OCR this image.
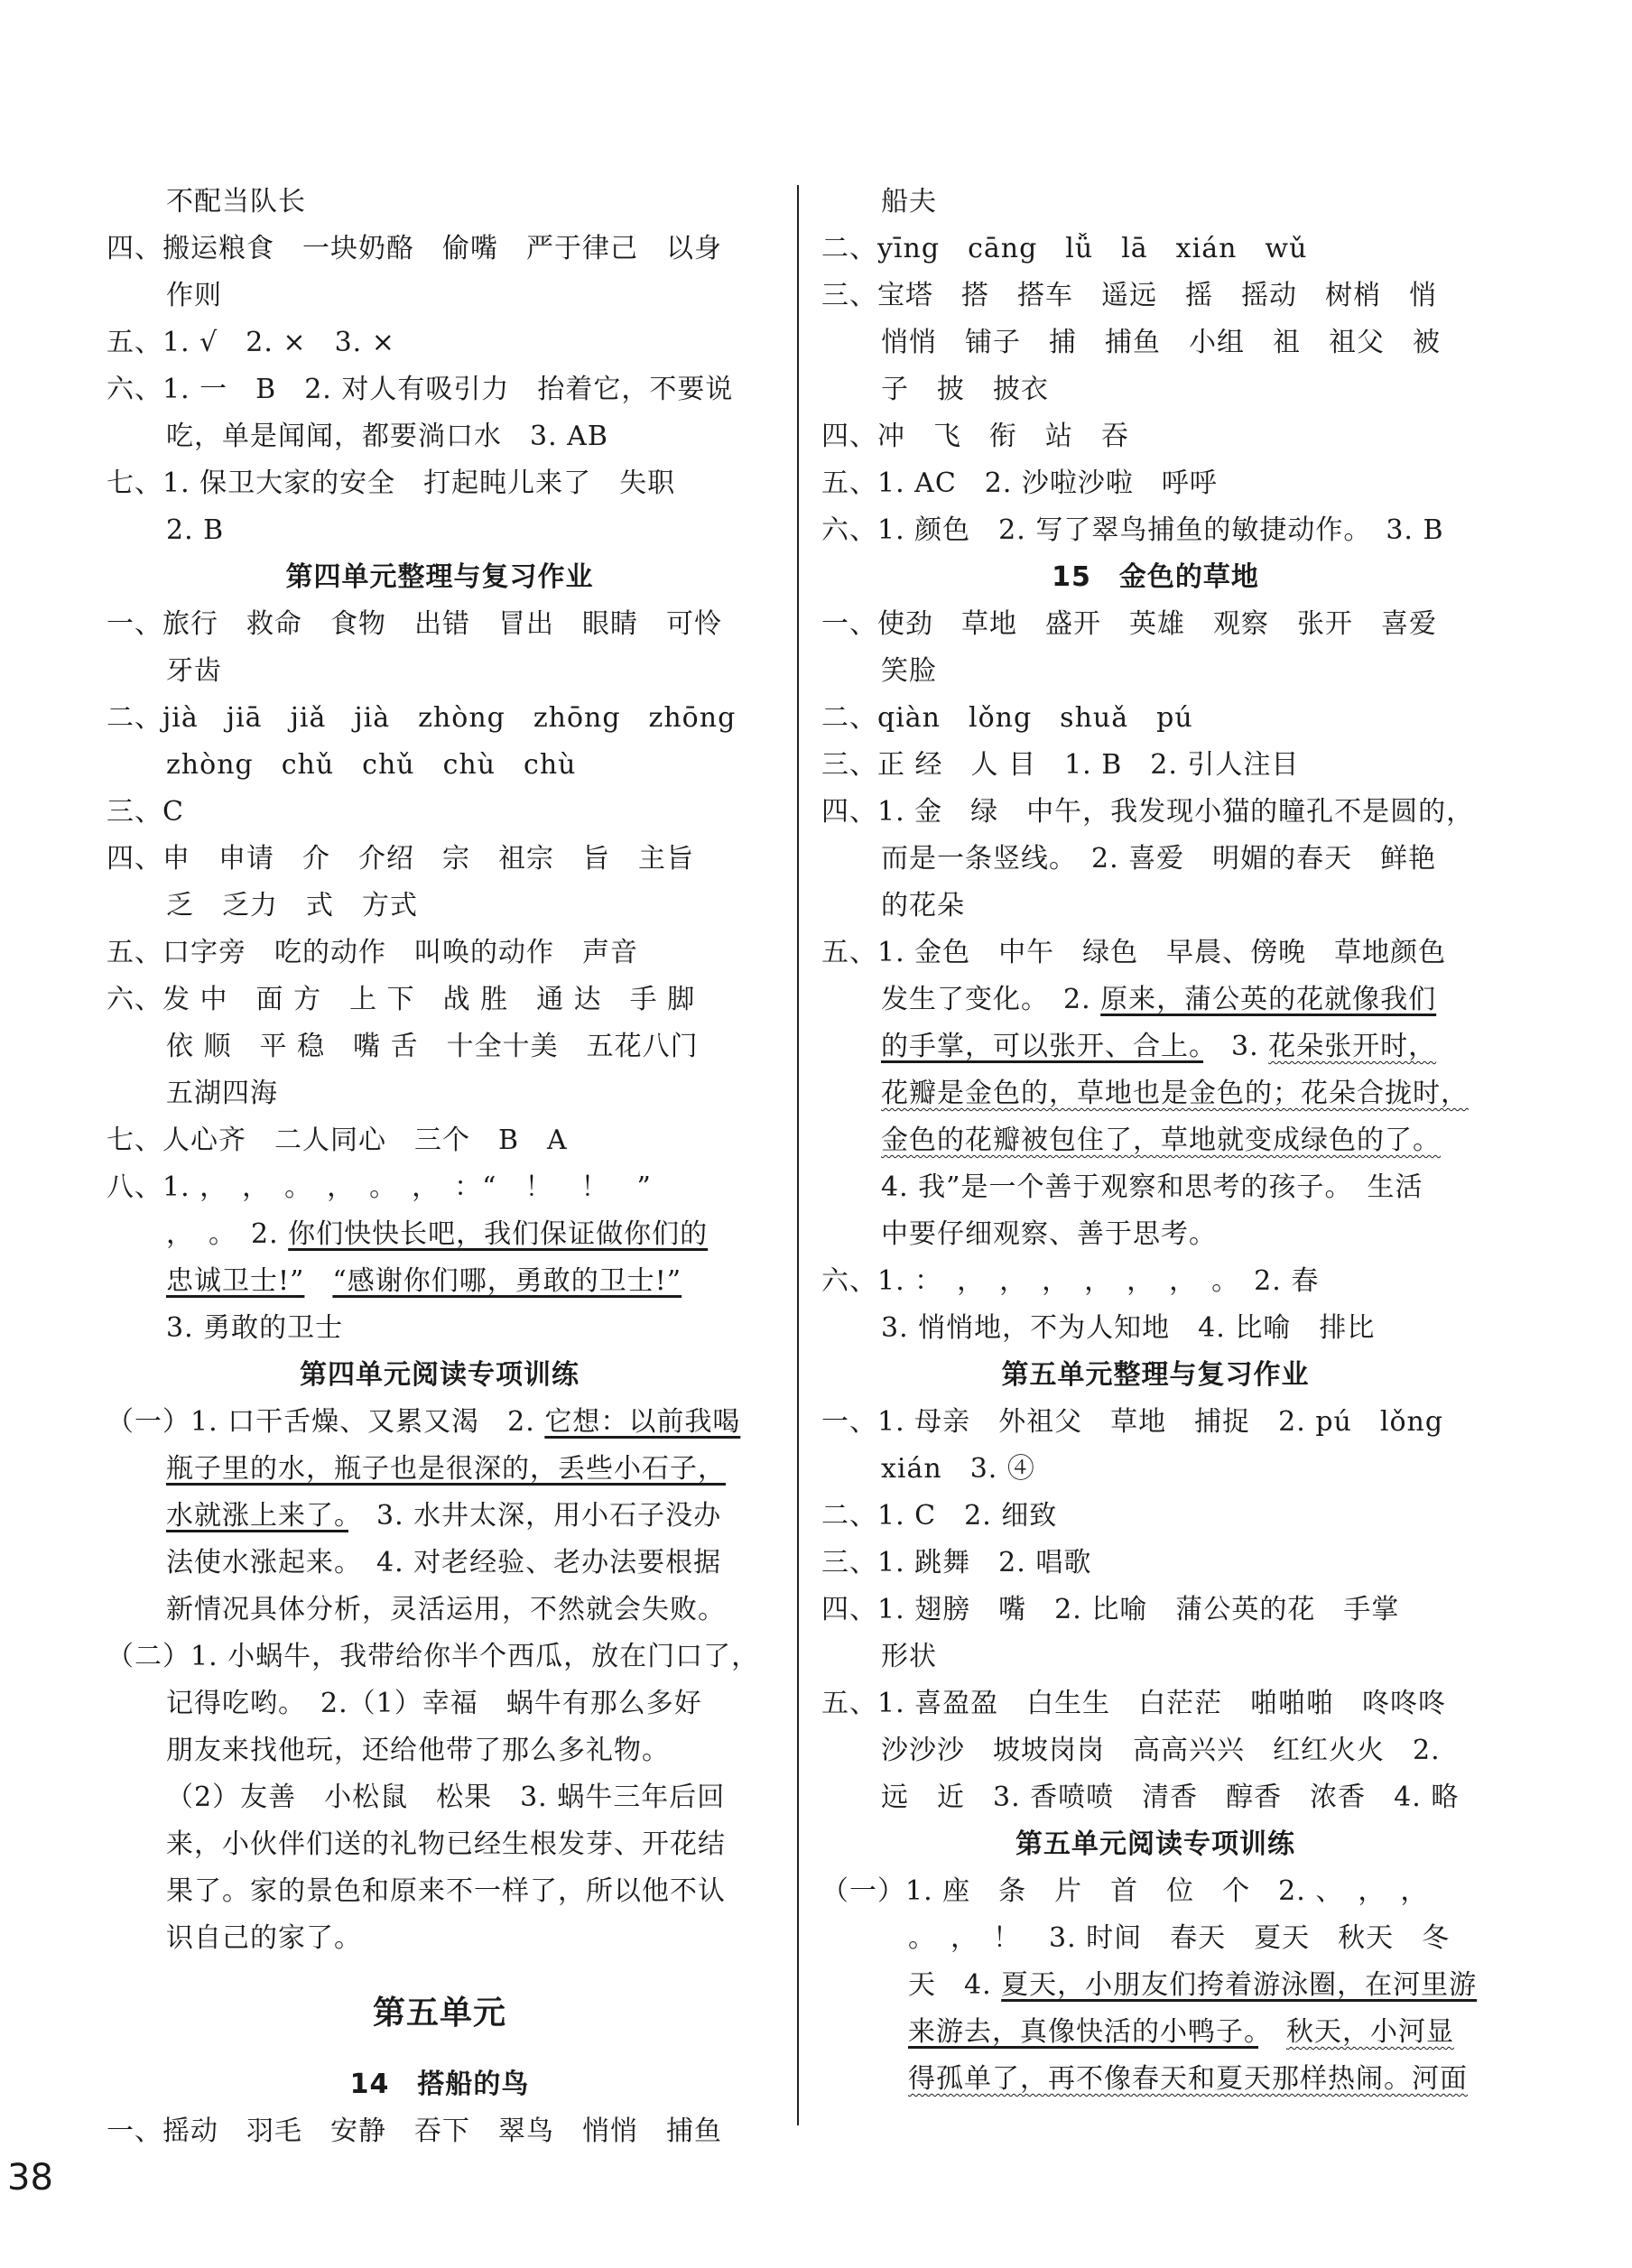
不配当队长
四、搬运粮食　一块奶酪　偷嘴　严于律己　以身
作则
五、1. √　2. ×　3. ×
六、1. 一　B　2. 对人有吸引力　抬着它，不要说
吃，单是闻闻，都要淌口水　3. AB
七、1. 保卫大家的安全　打起盹儿来了　失职
2. B
第四单元整理与复习作业
一、旅行　救命　食物　出错　冒出　眼睛　可怜
牙齿
二、jià　jiā　jiǎ　jià　zhòng　zhōng　zhōng
zhòng　chǔ　chǔ　chù　chù
三、C
四、申　申请　介　介绍　宗　祖宗　旨　主旨
乏　乏力　式　方式
五、口字旁　吃的动作　叫唤的动作　声音
六、发 中　面 方　上 下　战 胜　通 达　手 脚
依 顺　平 稳　嘴 舌　十全十美　五花八门
五湖四海
七、人心齐　二人同心　三个　B　A
八、1. ，　，　。　，　。　，　：“　！　！　”
，　。　2. 你们快快长吧，我们保证做你们的
忠诚卫士!”　 “感谢你们哪，勇敢的卫士!”
3. 勇敢的卫士
第四单元阅读专项训练
（一）1. 口干舌燥、又累又渴　2. 它想：以前我喝
瓶子里的水，瓶子也是很深的，丢些小石子，
水就涨上来了。　3. 水井太深，用小石子没办
法使水涨起来。　4. 对老经验、老办法要根据
新情况具体分析，灵活运用，不然就会失败。
（二）1. 小蜗牛，我带给你半个西瓜，放在门口了，
记得吃哟。　2.（1）幸福　蜗牛有那么多好
朋友来找他玩，还给他带了那么多礼物。
（2）友善　小松鼠　松果　3. 蜗牛三年后回
来，小伙伴们送的礼物已经生根发芽、开花结
果了。家的景色和原来不一样了，所以他不认
识自己的家了。
第五单元
14　搭船的鸟
一、摇动　羽毛　安静　吞下　翠鸟　悄悄　捕鱼
船夫
二、yīng　cāng　lǚ　lā　xián　wǔ
三、宝塔　搭　搭车　遥远　摇　摇动　树梢　悄
悄悄　铺子　捕　捕鱼　小组　祖　祖父　被
子　披　披衣
四、冲　飞　衔　站　吞
五、1. AC　2. 沙啦沙啦　呼呼
六、1. 颜色　2. 写了翠鸟捕鱼的敏捷动作。　3. B
15　金色的草地
一、使劲　草地　盛开　英雄　观察　张开　喜爱
笑脸
二、qiàn　lǒng　shuǎ　pú
三、正 经　人 目　1. B　2. 引人注目
四、1. 金　绿　中午，我发现小猫的瞳孔不是圆的，
而是一条竖线。　2. 喜爱　明媚的春天　鲜艳
的花朵
五、1. 金色　中午　绿色　早晨、傍晚　草地颜色
发生了变化。　2. 原来，蒲公英的花就像我们
的手掌，可以张开、合上。　3. 花朵张开时，
花瓣是金色的，草地也是金色的；花朵合拢时，
金色的花瓣被包住了，草地就变成绿色的了。
4. 我”是一个善于观察和思考的孩子。　生活
中要仔细观察、善于思考。
六、1. ：　，　，　，　，　，　，　。　2. 春
3. 悄悄地，不为人知地　4. 比喻　排比
第五单元整理与复习作业
一、1. 母亲　外祖父　草地　捕捉　2. pú　lǒng
xián　3. ④
二、1. C　2. 细致
三、1. 跳舞　2. 唱歌
四、1. 翅膀　嘴　2. 比喻　蒲公英的花　手掌
形状
五、1. 喜盈盈　白生生　白茫茫　啪啪啪　咚咚咚
沙沙沙　坡坡岗岗　高高兴兴　红红火火　2.
远　近　3. 香喷喷　清香　醇香　浓香　4. 略
第五单元阅读专项训练
（一）1. 座　条　片　首　位　个　2. 、　，　，
。　，　！　3. 时间　春天　夏天　秋天　冬
天　4. 夏天，小朋友们挎着游泳圈，在河里游
来游去，真像快活的小鸭子。　 秋天，小河显
得孤单了，再不像春天和夏天那样热闹。河面
38
